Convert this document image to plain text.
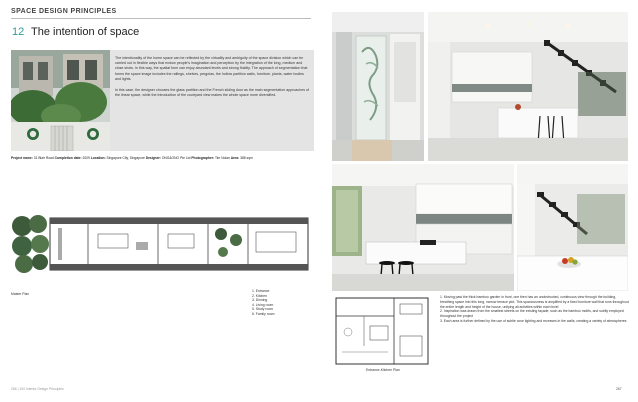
SPACE DESIGN PRINCIPLES
12 The intention of space
The intentionality of the home space can be reflected by the virtuality and ambiguity of the space division which can be carried out in flexible ways that endow people's imagination and perception by the integration of the long, medium and close shots. In this way, the spatial form can enjoy abundant levels and strong fluidity. The approach of segmentation that forms the space image includes the railings, shelves, pergolas, the hollow partition walls, furniture, plants, water bodies and lights.
In this case, the designer chooses the glass partition and the French sliding door as the main segmentation approaches of the linear space, while the introduction of the courtyard view makes the whole space more diversified.
Project name: 31 Blair Road Completion date: 2009 Location: Singapore City, Singapore Designer: ONG&ONG Pte Ltd Photographer: Tim Nolan Area: 388 sqm
Master Plan
1. Entrance
2. Kitchen
3. Dinning
4. Living room
5. Study room
6. Family room
266 | 100 Interior Design Principles
1	2
3	4
Entrance-Kitchen Plan
1. Moving past the thick bamboo garden in front, one then has an unobstructed, continuous view through the building, breathing space into this long, narrow terrace plot. This spaciousness is amplified by a fixed furniture wall that runs throughout the entire length and height of the house, unifying all activities within each level
2. Inspiration was drawn from the smallest streets on the existing façade, such as the bamboo motifs, and subtly employed throughout the project
3. Each area is further defined by the use of subtle cove lighting and recesses in the walls, creating a variety of atmospheres
267
